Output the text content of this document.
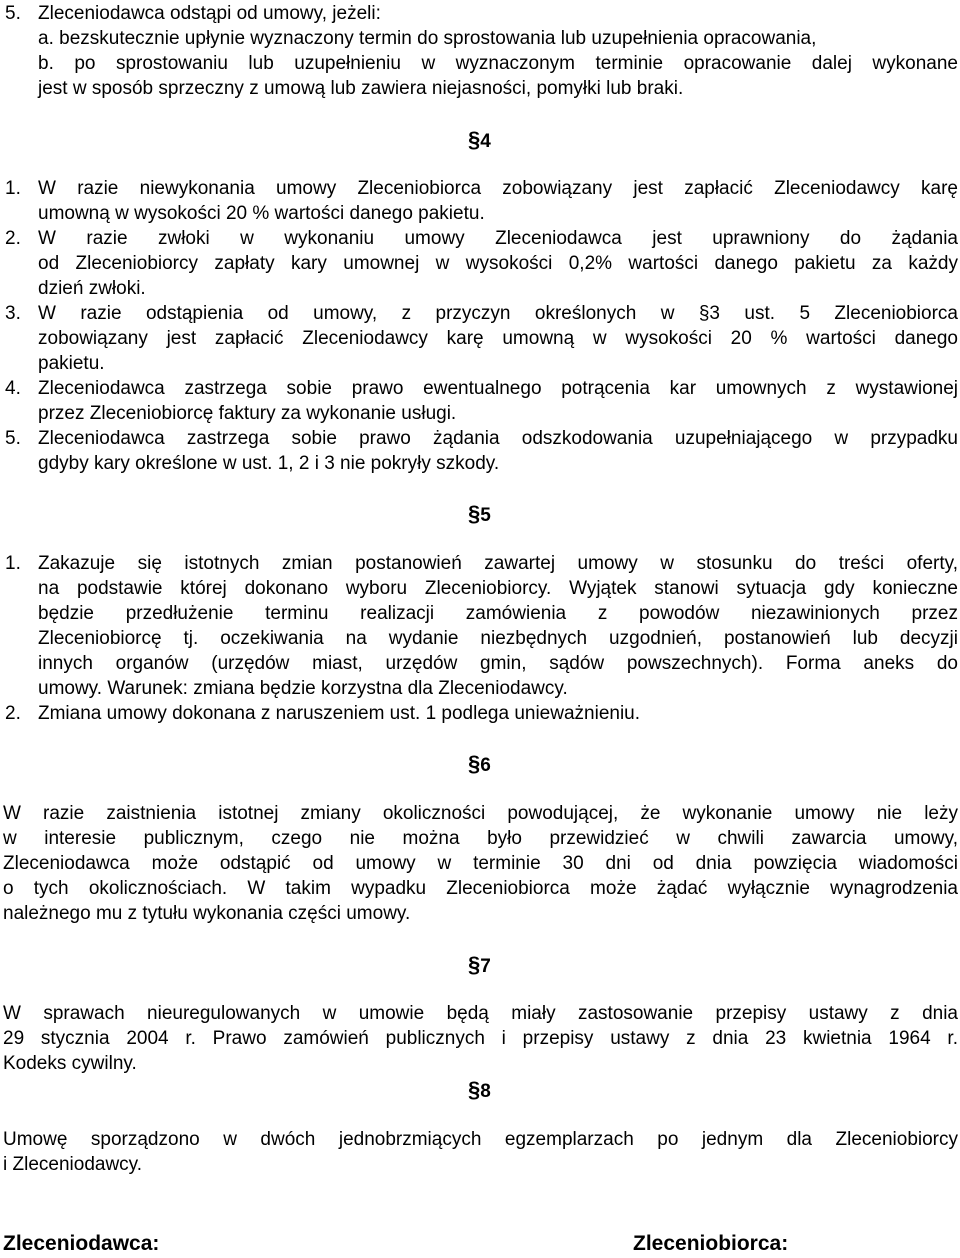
5. Zleceniodawca odstąpi od umowy, jeżeli:
a. bezskutecznie upłynie wyznaczony termin do sprostowania lub uzupełnienia opracowania,
b. po sprostowaniu lub uzupełnieniu w wyznaczonym terminie opracowanie dalej wykonane
jest w sposób sprzeczny z umową lub zawiera niejasności, pomyłki lub braki.
§4
1. W razie niewykonania umowy Zleceniobiorca zobowiązany jest zapłacić Zleceniodawcy karę
umowną w wysokości 20 % wartości danego pakietu.
2. W razie zwłoki w wykonaniu umowy Zleceniodawca jest uprawniony do żądania
od Zleceniobiorcy zapłaty kary umownej w wysokości 0,2% wartości danego pakietu za każdy
dzień zwłoki.
3. W razie odstąpienia od umowy, z przyczyn określonych w §3 ust. 5 Zleceniobiorca
zobowiązany jest zapłacić Zleceniodawcy karę umowną w wysokości 20 % wartości danego
pakietu.
4. Zleceniodawca zastrzega sobie prawo ewentualnego potrącenia kar umownych z wystawionej
przez Zleceniobiorcę faktury za wykonanie usługi.
5. Zleceniodawca zastrzega sobie prawo żądania odszkodowania uzupełniającego w przypadku
gdyby kary określone w ust. 1, 2 i 3 nie pokryły szkody.
§5
1. Zakazuje się istotnych zmian postanowień zawartej umowy w stosunku do treści oferty,
na podstawie której dokonano wyboru Zleceniobiorcy. Wyjątek stanowi sytuacja gdy konieczne
będzie przedłużenie terminu realizacji zamówienia z powodów niezawinionych przez
Zleceniobiorcę tj. oczekiwania na wydanie niezbędnych uzgodnień, postanowień lub decyzji
innych organów (urzędów miast, urzędów gmin, sądów powszechnych). Forma aneks do
umowy. Warunek: zmiana będzie korzystna dla Zleceniodawcy.
2. Zmiana umowy dokonana z naruszeniem ust. 1 podlega unieważnieniu.
§6
W razie zaistnienia istotnej zmiany okoliczności powodującej, że wykonanie umowy nie leży
w interesie publicznym, czego nie można było przewidzieć w chwili zawarcia umowy,
Zleceniodawca może odstąpić od umowy w terminie 30 dni od dnia powzięcia wiadomości
o tych okolicznościach. W takim wypadku Zleceniobiorca może żądać wyłącznie wynagrodzenia
należnego mu z tytułu wykonania części umowy.
§7
W sprawach nieuregulowanych w umowie będą miały zastosowanie przepisy ustawy z dnia
29 stycznia 2004 r. Prawo zamówień publicznych i przepisy ustawy z dnia 23 kwietnia 1964 r.
Kodeks cywilny.
§8
Umowę sporządzono w dwóch jednobrzmiących egzemplarzach po jednym dla Zleceniobiorcy
i Zleceniodawcy.
Zleceniodawca:	Zleceniobiorca:
